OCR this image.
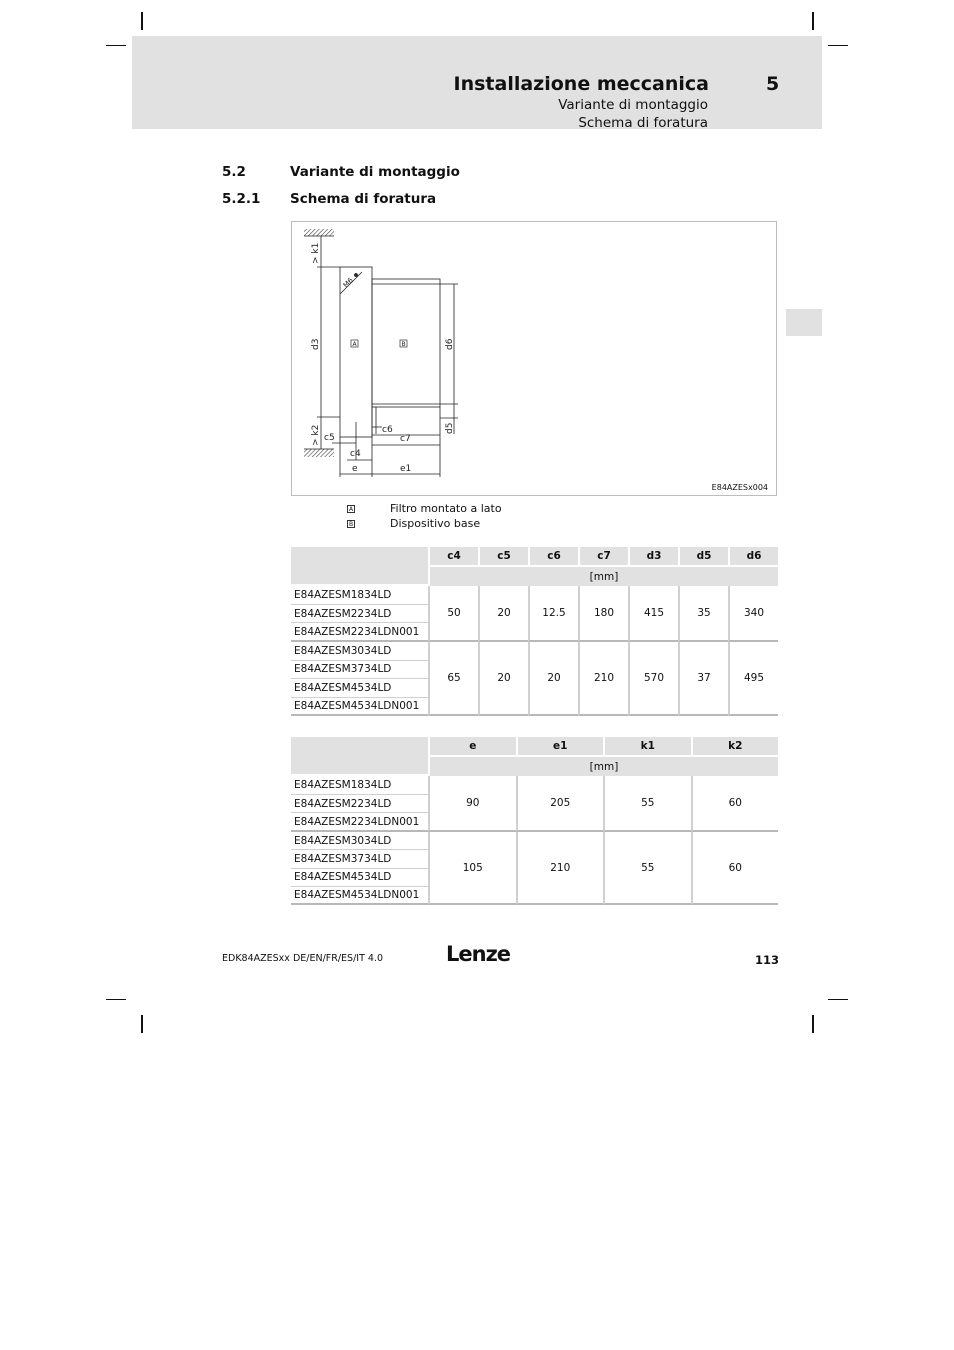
Installazione meccanica	5
Variante di montaggio
Schema di foratura
5.2	Variante di montaggio
5.2.1 Schema di foratura
> k1
M6
d3	d6
d5
> k2 c5
c6
c7
c4
e	e1
A	B
E84AZESx004
A	Filtro montato a lato
B	Dispositivo base
	c4	c5	c6	c7	d3	d5	d6
	[mm]						
E84AZESM1834LD	50	20	12.5	180	415	35	340
E84AZESM2234LD							
E84AZESM2234LDN001							
E84AZESM3034LD	65	20	20	210	570	37	495
E84AZESM3734LD							
E84AZESM4534LD							
E84AZESM4534LDN001							
	e	e1	k1	k2
	[mm]			
E84AZESM1834LD	90	205	55	60
E84AZESM2234LD				
E84AZESM2234LDN001				
E84AZESM3034LD	105	210	55	60
E84AZESM3734LD				
E84AZESM4534LD				
E84AZESM4534LDN001				
EDK84AZESxx DE/EN/FR/ES/IT 4.0	Lenze	113
